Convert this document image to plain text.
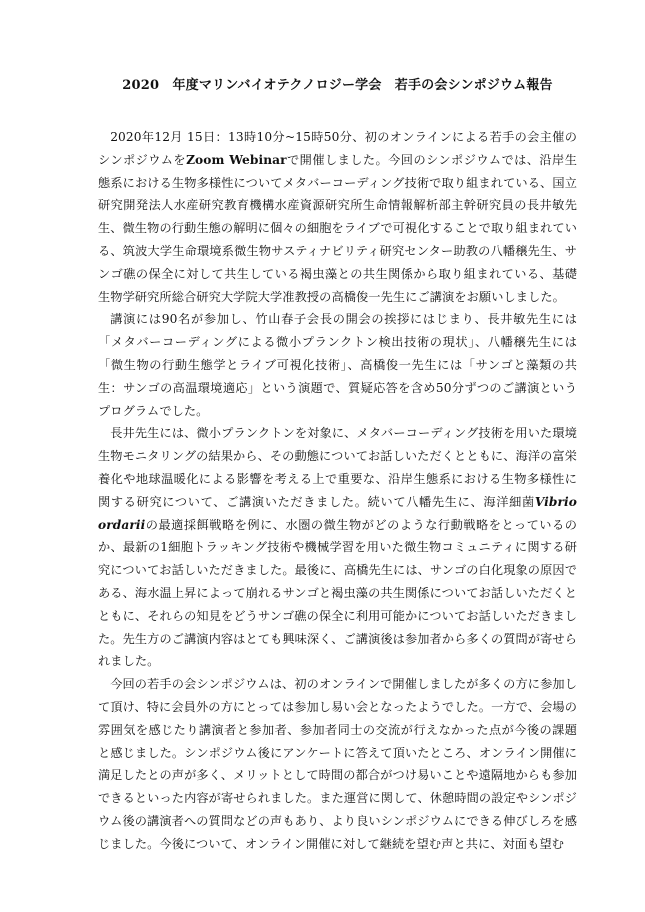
2020　年度マリンバイオテクノロジー学会　若手の会シンポジウム報告

2020年12月 15日：13時10分~15時50分、初のオンラインによる若手の会主催のシンポジウムをZoom Webinarで開催しました。今回のシンポジウムでは、沿岸生態系における生物多様性についてメタバーコーディング技術で取り組まれている、国立研究開発法人水産研究教育機構水産資源研究所生命情報解析部主幹研究員の長井敏先生、微生物の行動生態の解明に個々の細胞をライブで可視化することで取り組まれている、筑波大学生命環境系微生物サスティナビリティ研究センター助教の八幡穣先生、サンゴ礁の保全に対して共生している褐虫藻との共生関係から取り組まれている、基礎生物学研究所総合研究大学院大学准教授の高橋俊一先生にご講演をお願いしました。

講演には90名が参加し、竹山春子会長の開会の挨拶にはじまり、長井敏先生には「メタバーコーディングによる微小プランクトン検出技術の現状」、八幡穣先生には「微生物の行動生態学とライブ可視化技術」、高橋俊一先生には「サンゴと藻類の共生：サンゴの高温環境適応」という演題で、質疑応答を含め50分ずつのご講演というプログラムでした。

長井先生には、微小プランクトンを対象に、メタバーコーディング技術を用いた環境生物モニタリングの結果から、その動態についてお話しいただくとともに、海洋の富栄養化や地球温暖化による影響を考える上で重要な、沿岸生態系における生物多様性に関する研究について、ご講演いただきました。続いて八幡先生に、海洋細菌Vibrio ordariiの最適採餌戦略を例に、水圏の微生物がどのような行動戦略をとっているのか、最新の1細胞トラッキング技術や機械学習を用いた微生物コミュニティに関する研究についてお話しいただきました。最後に、高橋先生には、サンゴの白化現象の原因である、海水温上昇によって崩れるサンゴと褐虫藻の共生関係についてお話しいただくとともに、それらの知見をどうサンゴ礁の保全に利用可能かについてお話しいただきました。先生方のご講演内容はとても興味深く、ご講演後は参加者から多くの質問が寄せられました。

今回の若手の会シンポジウムは、初のオンラインで開催しましたが多くの方に参加して頂け、特に会員外の方にとっては参加し易い会となったようでした。一方で、会場の雰囲気を感じたり講演者と参加者、参加者同士の交流が行えなかった点が今後の課題と感じました。シンポジウム後にアンケートに答えて頂いたところ、オンライン開催に満足したとの声が多く、メリットとして時間の都合がつけ易いことや遠隔地からも参加できるといった内容が寄せられました。また運営に関して、休憩時間の設定やシンポジウム後の講演者への質問などの声もあり、より良いシンポジウムにできる伸びしろを感じました。今後について、オンライン開催に対して継続を望む声と共に、対面も望む
